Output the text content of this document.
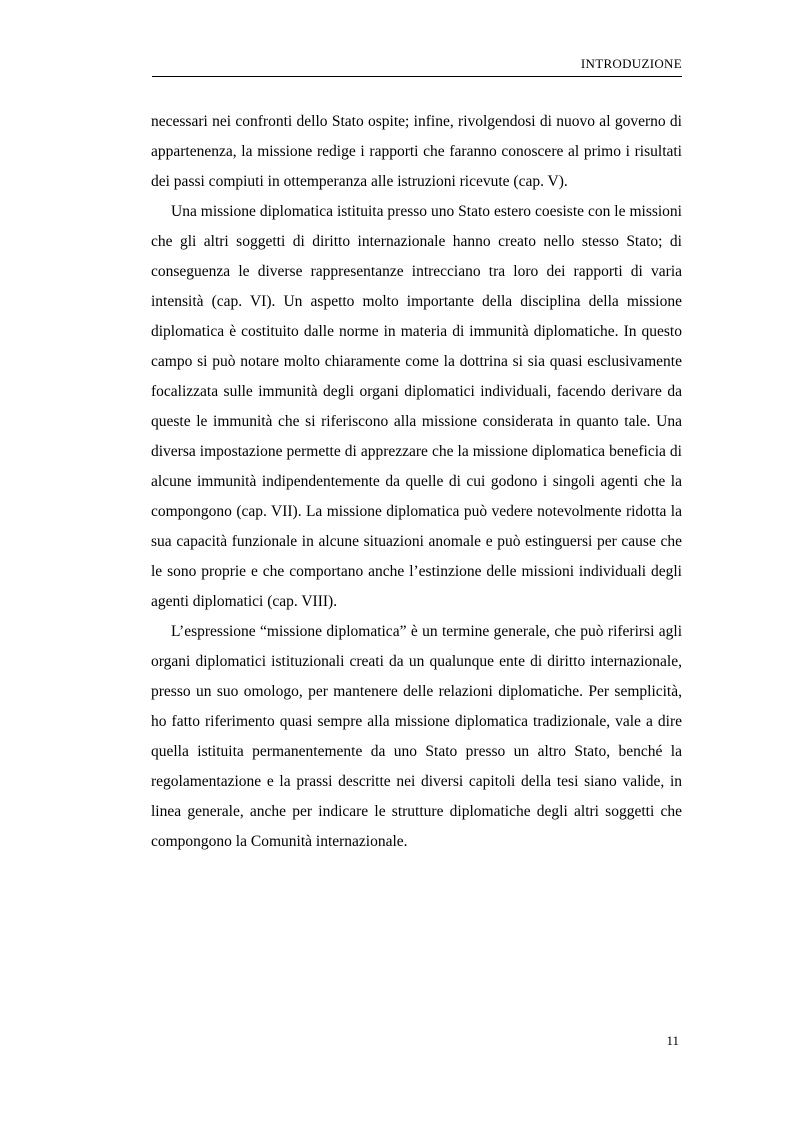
INTRODUZIONE

necessari nei confronti dello Stato ospite; infine, rivolgendosi di nuovo al governo di appartenenza, la missione redige i rapporti che faranno conoscere al primo i risultati dei passi compiuti in ottemperanza alle istruzioni ricevute (cap. V).

Una missione diplomatica istituita presso uno Stato estero coesiste con le missioni che gli altri soggetti di diritto internazionale hanno creato nello stesso Stato; di conseguenza le diverse rappresentanze intrecciano tra loro dei rapporti di varia intensità (cap. VI). Un aspetto molto importante della disciplina della missione diplomatica è costituito dalle norme in materia di immunità diplomatiche. In questo campo si può notare molto chiaramente come la dottrina si sia quasi esclusivamente focalizzata sulle immunità degli organi diplomatici individuali, facendo derivare da queste le immunità che si riferiscono alla missione considerata in quanto tale. Una diversa impostazione permette di apprezzare che la missione diplomatica beneficia di alcune immunità indipendentemente da quelle di cui godono i singoli agenti che la compongono (cap. VII). La missione diplomatica può vedere notevolmente ridotta la sua capacità funzionale in alcune situazioni anomale e può estinguersi per cause che le sono proprie e che comportano anche l’estinzione delle missioni individuali degli agenti diplomatici (cap. VIII).

L’espressione “missione diplomatica” è un termine generale, che può riferirsi agli organi diplomatici istituzionali creati da un qualunque ente di diritto internazionale, presso un suo omologo, per mantenere delle relazioni diplomatiche. Per semplicità, ho fatto riferimento quasi sempre alla missione diplomatica tradizionale, vale a dire quella istituita permanentemente da uno Stato presso un altro Stato, benché la regolamentazione e la prassi descritte nei diversi capitoli della tesi siano valide, in linea generale, anche per indicare le strutture diplomatiche degli altri soggetti che compongono la Comunità internazionale.

11
